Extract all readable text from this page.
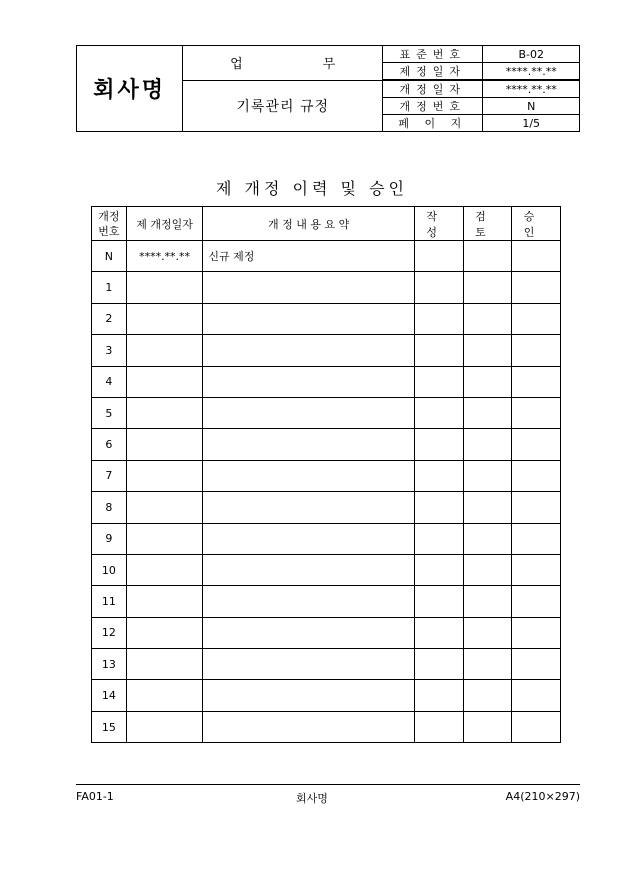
회사명	업 무	표준번호	B-02
		제정일자	****.**.**
	기록관리 규정	개정일자	****.**.**
		개정번호	N
		페 이 지	1/5
제 개정 이력 및 승인
개정
번호	제 개정일자	개 정 내 용 요 약	작 성	검 토	승 인
N	****.**.**	신규 제정			
1					
2					
3					
4					
5					
6					
7					
8					
9					
10					
11					
12					
13					
14					
15					
FA01-1	회사명	A4(210×297)
